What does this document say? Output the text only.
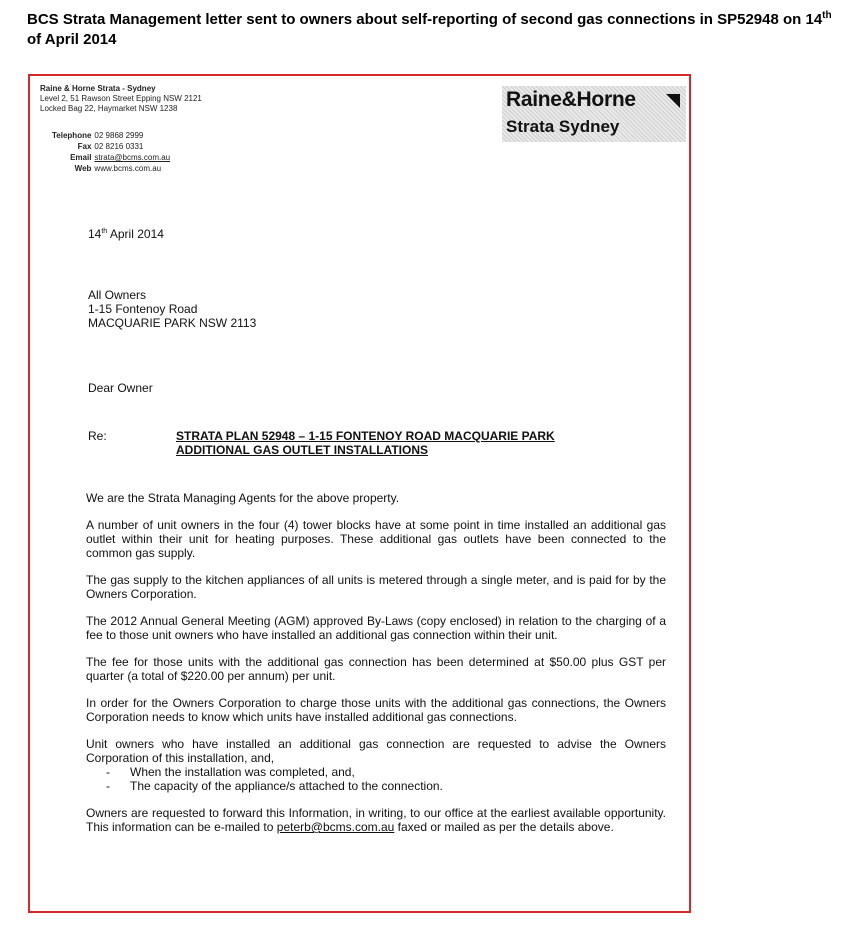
BCS Strata Management letter sent to owners about self-reporting of second gas connections in SP52948 on 14th
of April 2014
Raine & Horne Strata - Sydney
Level 2, 51 Rawson Street Epping NSW 2121
Locked Bag 22, Haymarket NSW 1238
Telephone	02 9868 2999
Fax	02 8216 0331
Email	strata@bcms.com.au
Web	www.bcms.com.au
Raine&Horne
Strata Sydney
14th April 2014
All Owners
1-15 Fontenoy Road
MACQUARIE PARK NSW 2113
Dear Owner
Re:	STRATA PLAN 52948 – 1-15 FONTENOY ROAD MACQUARIE PARK
ADDITIONAL GAS OUTLET INSTALLATIONS

We are the Strata Managing Agents for the above property.

A number of unit owners in the four (4) tower blocks have at some point in time installed an additional gas outlet within their unit for heating purposes. These additional gas outlets have been connected to the common gas supply.

The gas supply to the kitchen appliances of all units is metered through a single meter, and is paid for by the Owners Corporation.

The 2012 Annual General Meeting (AGM) approved By-Laws (copy enclosed) in relation to the charging of a fee to those unit owners who have installed an additional gas connection within their unit.

The fee for those units with the additional gas connection has been determined at $50.00 plus GST per quarter (a total of $220.00 per annum) per unit.

In order for the Owners Corporation to charge those units with the additional gas connections, the Owners Corporation needs to know which units have installed additional gas connections.

Unit owners who have installed an additional gas connection are requested to advise the Owners Corporation of this installation, and,

- When the installation was completed, and,
- The capacity of the appliance/s attached to the connection.

Owners are requested to forward this Information, in writing, to our office at the earliest available opportunity. This information can be e-mailed to peterb@bcms.com.au faxed or mailed as per the details above.
